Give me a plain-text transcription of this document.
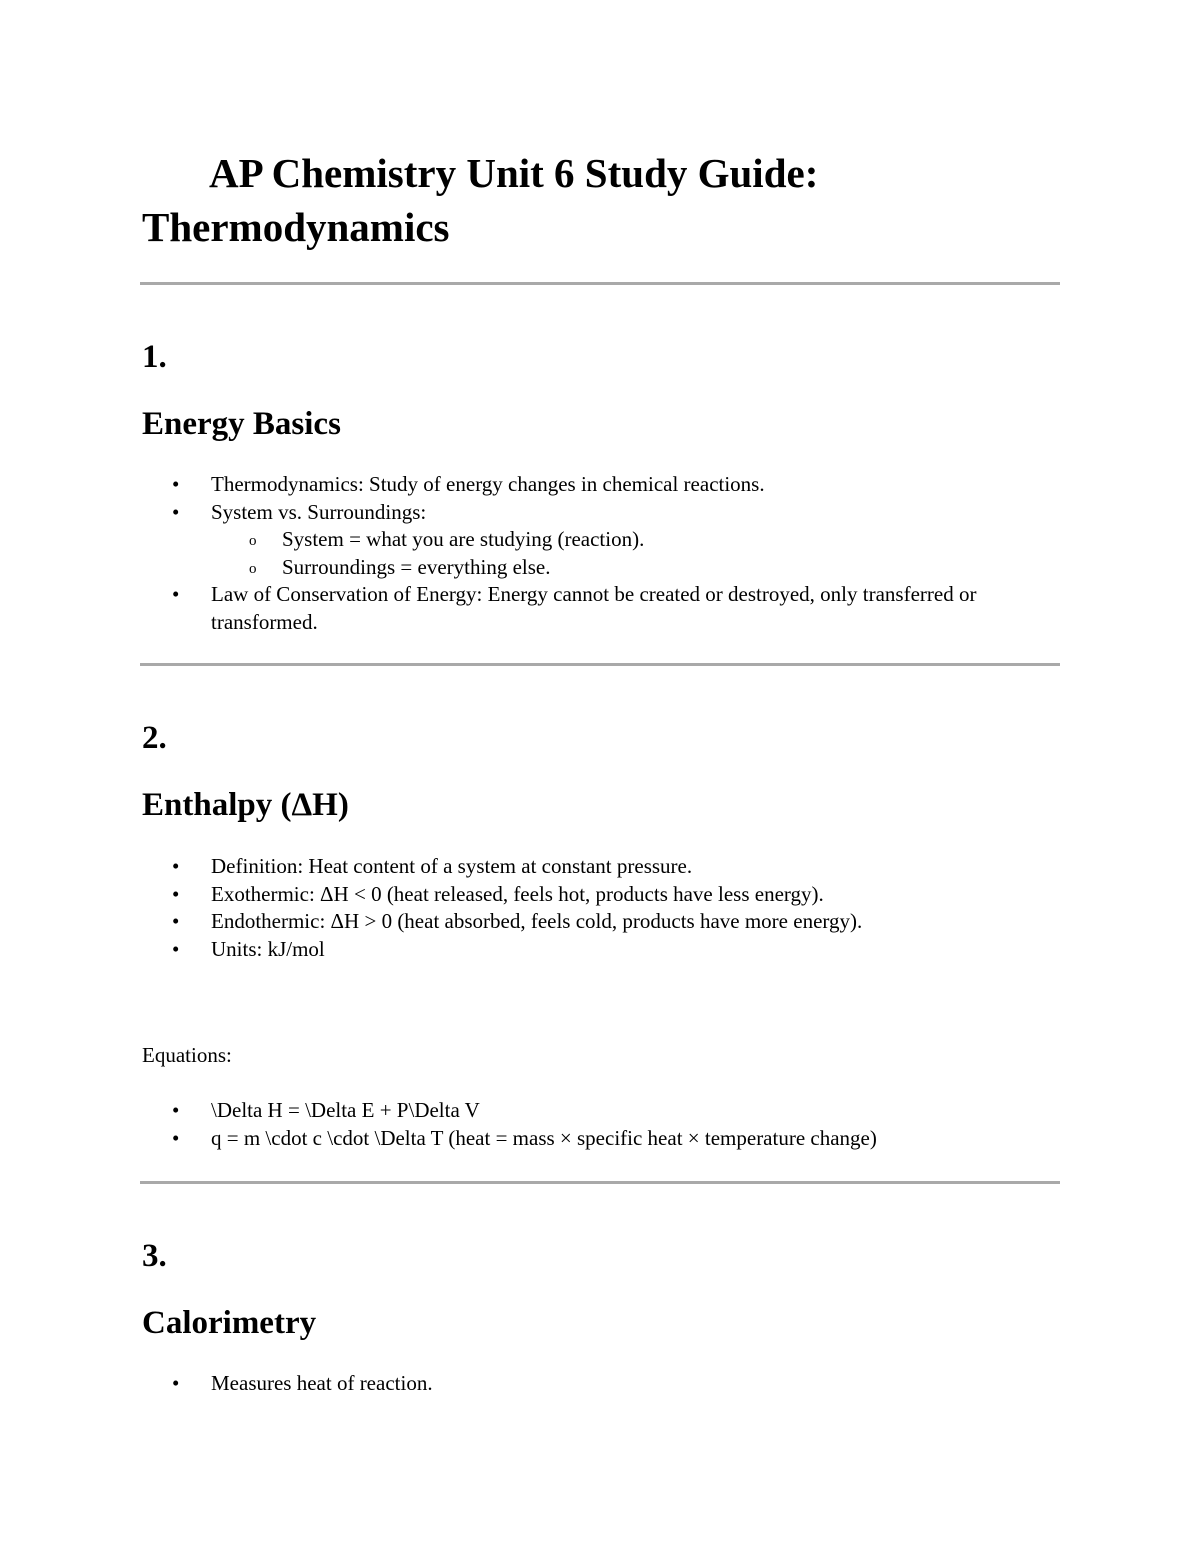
AP Chemistry Unit 6 Study Guide: Thermodynamics
1.
Energy Basics
• Thermodynamics: Study of energy changes in chemical reactions.
• System vs. Surroundings:
o System = what you are studying (reaction).
o Surroundings = everything else.
• Law of Conservation of Energy: Energy cannot be created or destroyed, only transferred or transformed.
2.
Enthalpy (ΔH)
• Definition: Heat content of a system at constant pressure.
• Exothermic: ΔH < 0 (heat released, feels hot, products have less energy).
• Endothermic: ΔH > 0 (heat absorbed, feels cold, products have more energy).
• Units: kJ/mol

Equations:

• \Delta H = \Delta E + P\Delta V
• q = m \cdot c \cdot \Delta T (heat = mass × specific heat × temperature change)
3.
Calorimetry
• Measures heat of reaction.
